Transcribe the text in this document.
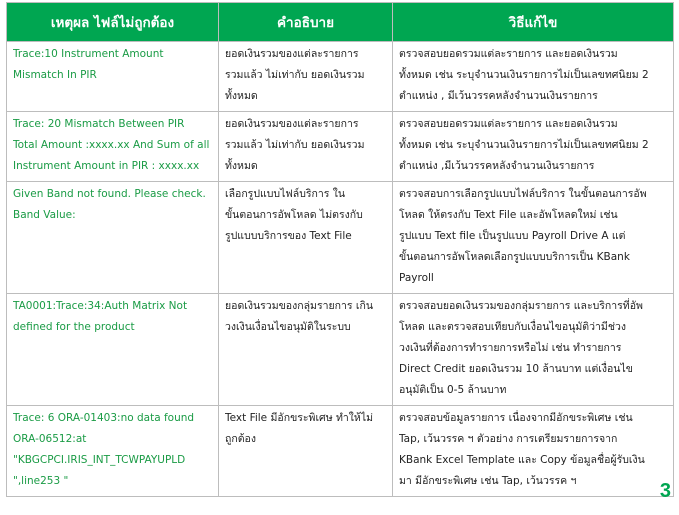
เหตุผล ไฟล์ไม่ถูกต้อง	คำอธิบาย	วิธีแก้ไข

Trace:10 Instrument Amount
Mismatch In PIR	ยอดเงินรวมของแต่ละรายการ
รวมแล้ว ไม่เท่ากับ ยอดเงินรวม
ทั้งหมด	ตรวจสอบยอดรวมแต่ละรายการ และยอดเงินรวม
ทั้งหมด เช่น ระบุจำนวนเงินรายการไม่เป็นเลขทศนิยม 2
ตำแหน่ง , มีเว้นวรรคหลังจำนวนเงินรายการ

Trace: 20 Mismatch Between PIR
Total Amount :xxxx.xx And Sum of all
Instrument Amount in PIR : xxxx.xx	ยอดเงินรวมของแต่ละรายการ
รวมแล้ว ไม่เท่ากับ ยอดเงินรวม
ทั้งหมด	ตรวจสอบยอดรวมแต่ละรายการ และยอดเงินรวม
ทั้งหมด เช่น ระบุจำนวนเงินรายการไม่เป็นเลขทศนิยม 2
ตำแหน่ง ,มีเว้นวรรคหลังจำนวนเงินรายการ

Given Band not found. Please check.
Band Value:	เลือกรูปแบบไฟล์บริการ ใน
ขั้นตอนการอัพโหลด ไม่ตรงกับ
รูปแบบบริการของ Text File	ตรวจสอบการเลือกรูปแบบไฟล์บริการ ในขั้นตอนการอัพ
โหลด ให้ตรงกับ Text File และอัพโหลดใหม่ เช่น
รูปแบบ Text file เป็นรูปแบบ Payroll Drive A แต่
ขั้นตอนการอัพโหลดเลือกรูปแบบบริการเป็น KBank
Payroll

TA0001:Trace:34:Auth Matrix Not
defined for the product	ยอดเงินรวมของกลุ่มรายการ เกิน
วงเงินเงื่อนไขอนุมัติในระบบ	ตรวจสอบยอดเงินรวมของกลุ่มรายการ และบริการที่อัพ
โหลด และตรวจสอบเทียบกับเงื่อนไขอนุมัติว่ามีช่วง
วงเงินที่ต้องการทำรายการหรือไม่ เช่น ทำรายการ
Direct Credit ยอดเงินรวม 10 ล้านบาท แต่เงื่อนไข
อนุมัติเป็น 0-5 ล้านบาท

Trace: 6 ORA-01403:no data found
ORA-06512:at
"KBGCPCI.IRIS_INT_TCWPAYUPLD
",line253 "	Text File มีอักขระพิเศษ ทำให้ไม่
ถูกต้อง	ตรวจสอบข้อมูลรายการ เนื่องจากมีอักขระพิเศษ เช่น
Tap, เว้นวรรค ฯ ตัวอย่าง การเตรียมรายการจาก
KBank Excel Template และ Copy ข้อมูลชื่อผู้รับเงิน
มา มีอักขระพิเศษ เช่น Tap, เว้นวรรค ฯ	3
